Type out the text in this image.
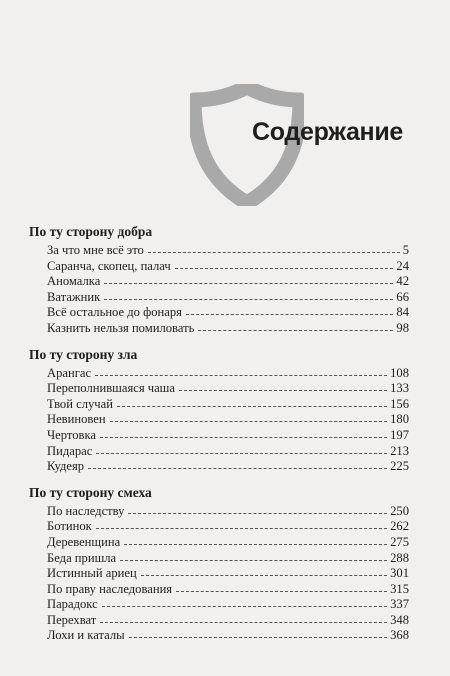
Содержание
По ту сторону добра
За что мне всё это	5
Саранча, скопец, палач	24
Аномалка	42
Ватажник	66
Всё остальное до фонаря	84
Казнить нельзя помиловать	98
По ту сторону зла
Арангас	108
Переполнившаяся чаша	133
Твой случай	156
Невиновен	180
Чертовка	197
Пидарас	213
Кудеяр	225
По ту сторону смеха
По наследству	250
Ботинок	262
Деревенщина	275
Беда пришла	288
Истинный ариец	301
По праву наследования	315
Парадокс	337
Перехват	348
Лохи и каталы	368
